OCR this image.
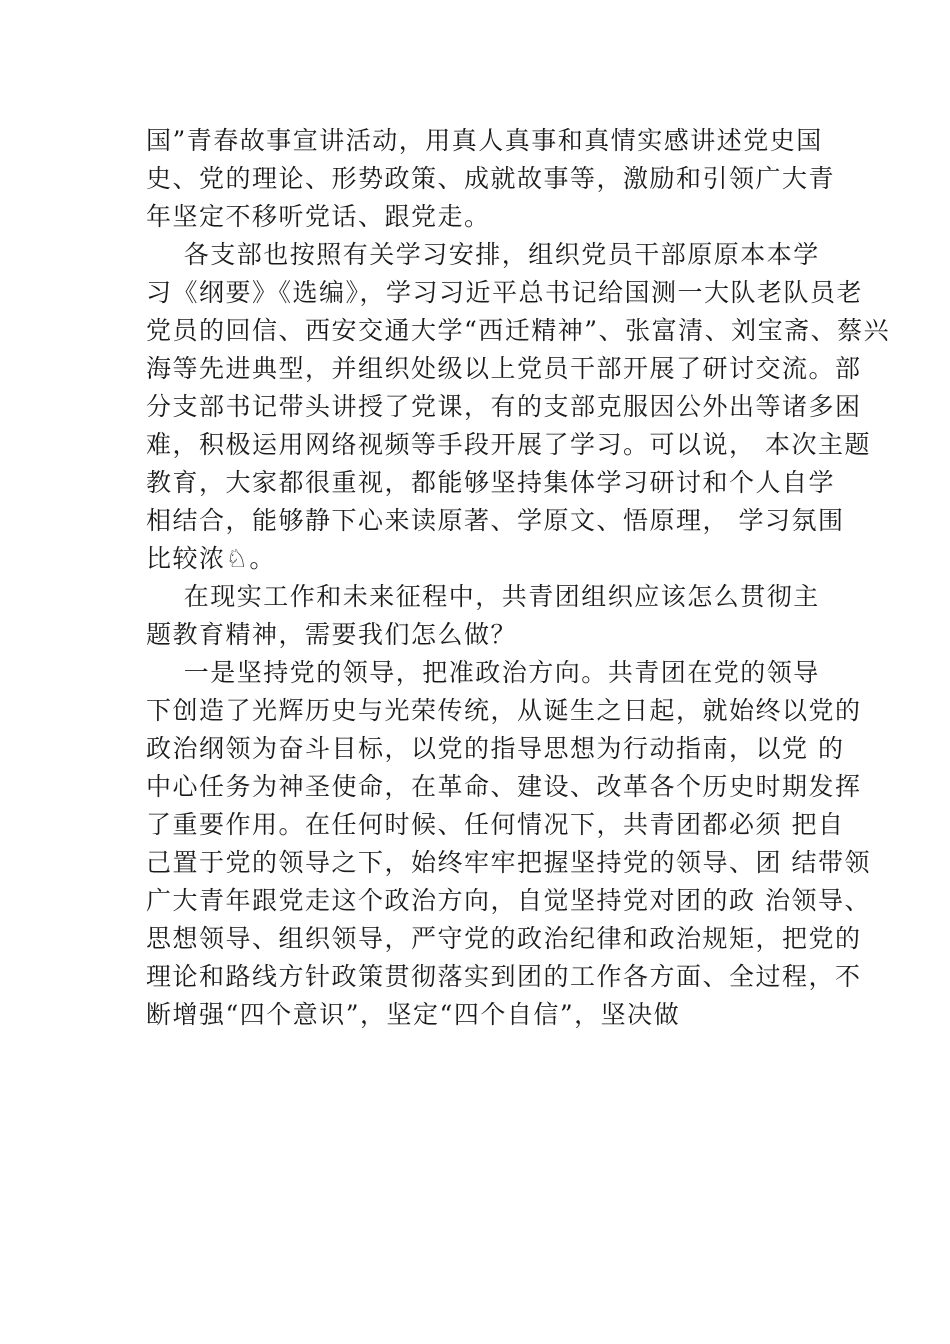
国”青春故事宣讲活动，用真人真事和真情实感讲述党史国
史、党的理论、形势政策、成就故事等，激励和引领广大青
年坚定不移听党话、跟党走。
各支部也按照有关学习安排，组织党员干部原原本本学
习《纲要》《选编》，学习习近平总书记给国测一大队老队员老
党员的回信、西安交通大学“西迁精神”、张富清、刘宝斋、蔡兴
海等先进典型，并组织处级以上党员干部开展了研讨交流。部
分支部书记带头讲授了党课，有的支部克服因公外出等诸多困
难，积极运用网络视频等手段开展了学习。可以说， 本次主题
教育，大家都很重视，都能够坚持集体学习研讨和个人自学
相结合，能够静下心来读原著、学原文、悟原理， 学习氛围
比较浓♘。
在现实工作和未来征程中，共青团组织应该怎么贯彻主
题教育精神，需要我们怎么做？
一是坚持党的领导，把准政治方向。共青团在党的领导
下创造了光辉历史与光荣传统，从诞生之日起，就始终以党的
政治纲领为奋斗目标，以党的指导思想为行动指南，以党 的
中心任务为神圣使命，在革命、建设、改革各个历史时期发挥
了重要作用。在任何时候、任何情况下，共青团都必须 把自
己置于党的领导之下，始终牢牢把握坚持党的领导、团 结带领
广大青年跟党走这个政治方向，自觉坚持党对团的政 治领导、
思想领导、组织领导，严守党的政治纪律和政治规矩，把党的
理论和路线方针政策贯彻落实到团的工作各方面、全过程，不
断增强“四个意识”，坚定“四个自信”，坚决做
